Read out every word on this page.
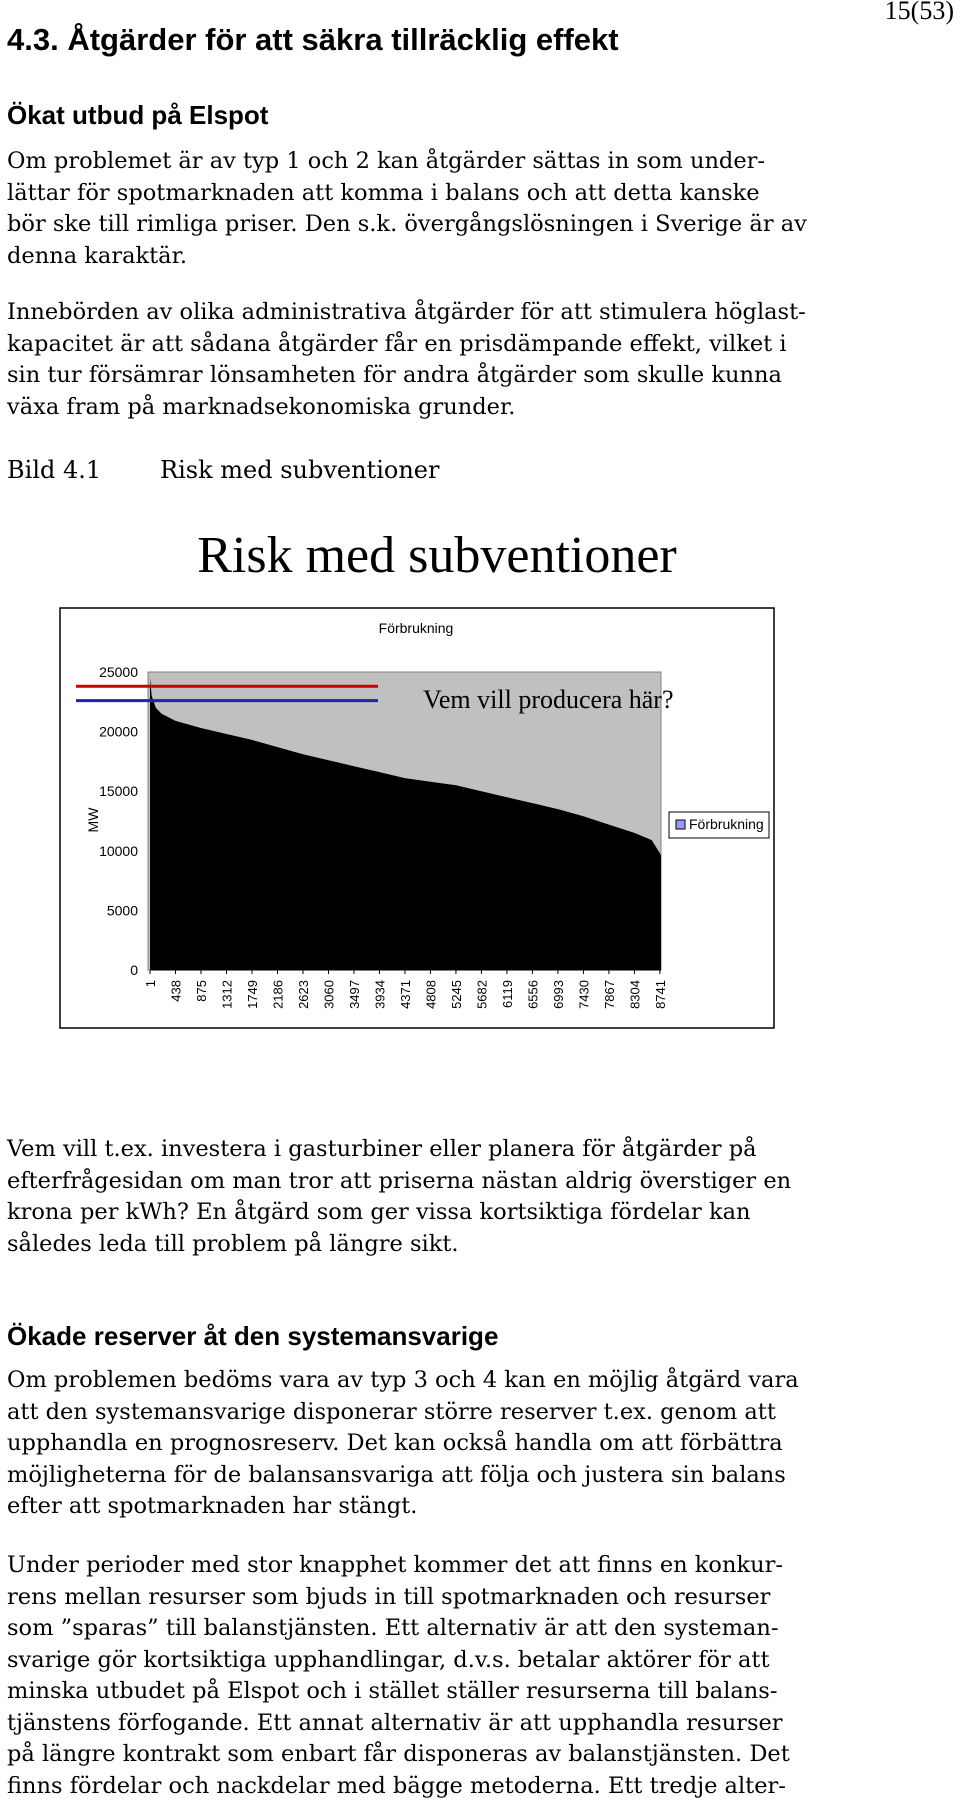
15(53)
4.3. Åtgärder för att säkra tillräcklig effekt
Ökat utbud på Elspot
Om problemet är av typ 1 och 2 kan åtgärder sättas in som under-
lättar för spotmarknaden att komma i balans och att detta kanske
bör ske till rimliga priser. Den s.k. övergångslösningen i Sverige är av
denna karaktär.
Innebörden av olika administrativa åtgärder för att stimulera höglast-
kapacitet är att sådana åtgärder får en prisdämpande effekt, vilket i
sin tur försämrar lönsamheten för andra åtgärder som skulle kunna
växa fram på marknadsekonomiska grunder.
Bild 4.1 Risk med subventioner
Risk med subventioner
Förbrukning
0
5000
10000
15000
20000
25000
1 438 875 1312 1749 2186 2623 3060 3497 3934 4371 4808 5245 5682 6119 6556 6993 7430 7867 8304 8741
MW
Vem vill producera här?
Förbrukning
Vem vill t.ex. investera i gasturbiner eller planera för åtgärder på
efterfrågesidan om man tror att priserna nästan aldrig överstiger en
krona per kWh? En åtgärd som ger vissa kortsiktiga fördelar kan
således leda till problem på längre sikt.
Ökade reserver åt den systemansvarige
Om problemen bedöms vara av typ 3 och 4 kan en möjlig åtgärd vara
att den systemansvarige disponerar större reserver t.ex. genom att
upphandla en prognosreserv. Det kan också handla om att förbättra
möjligheterna för de balansansvariga att följa och justera sin balans
efter att spotmarknaden har stängt.
Under perioder med stor knapphet kommer det att finns en konkur-
rens mellan resurser som bjuds in till spotmarknaden och resurser
som ”sparas” till balanstjänsten. Ett alternativ är att den systeman-
svarige gör kortsiktiga upphandlingar, d.v.s. betalar aktörer för att
minska utbudet på Elspot och i stället ställer resurserna till balans-
tjänstens förfogande. Ett annat alternativ är att upphandla resurser
på längre kontrakt som enbart får disponeras av balanstjänsten. Det
finns fördelar och nackdelar med bägge metoderna. Ett tredje alter-
